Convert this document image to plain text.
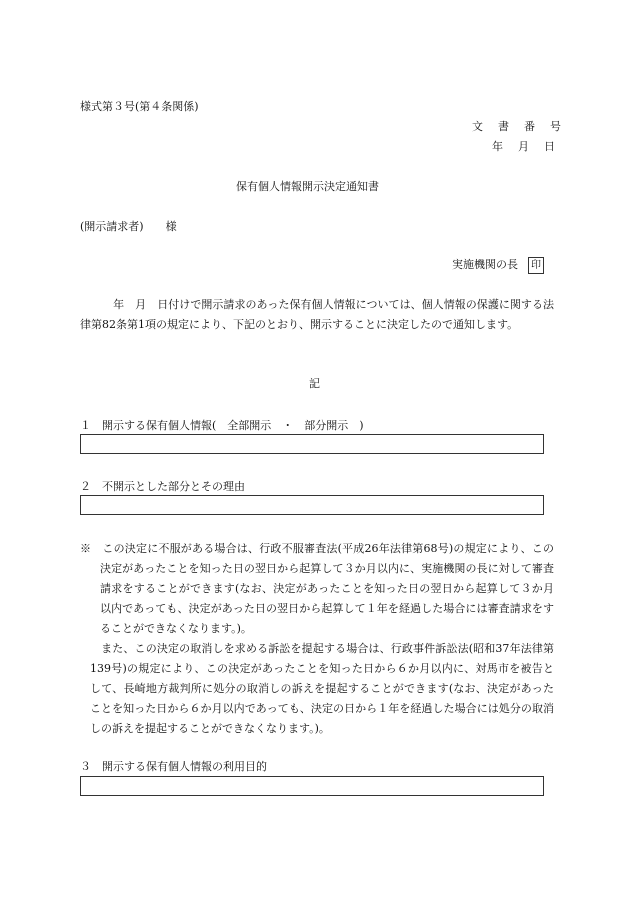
様式第３号(第４条関係)
文　書　番　号
年　月　日
保有個人情報開示決定通知書
(開示請求者)　　様
実施機関の長 印
　　　年　月　日付けで開示請求のあった保有個人情報については、個人情報の保護に関する法律第82条第1項の規定により、下記のとおり、開示することに決定したので通知します。
記
１　開示する保有個人情報(　全部開示　・　部分開示　)
２　不開示とした部分とその理由
※　この決定に不服がある場合は、行政不服審査法(平成26年法律第68号)の規定により、この決定があったことを知った日の翌日から起算して３か月以内に、実施機関の長に対して審査請求をすることができます(なお、決定があったことを知った日の翌日から起算して３か月以内であっても、決定があった日の翌日から起算して１年を経過した場合には審査請求をすることができなくなります。)。
　また、この決定の取消しを求める訴訟を提起する場合は、行政事件訴訟法(昭和37年法律第139号)の規定により、この決定があったことを知った日から６か月以内に、対馬市を被告として、長崎地方裁判所に処分の取消しの訴えを提起することができます(なお、決定があったことを知った日から６か月以内であっても、決定の日から１年を経過した場合には処分の取消しの訴えを提起することができなくなります。)。
３　開示する保有個人情報の利用目的
